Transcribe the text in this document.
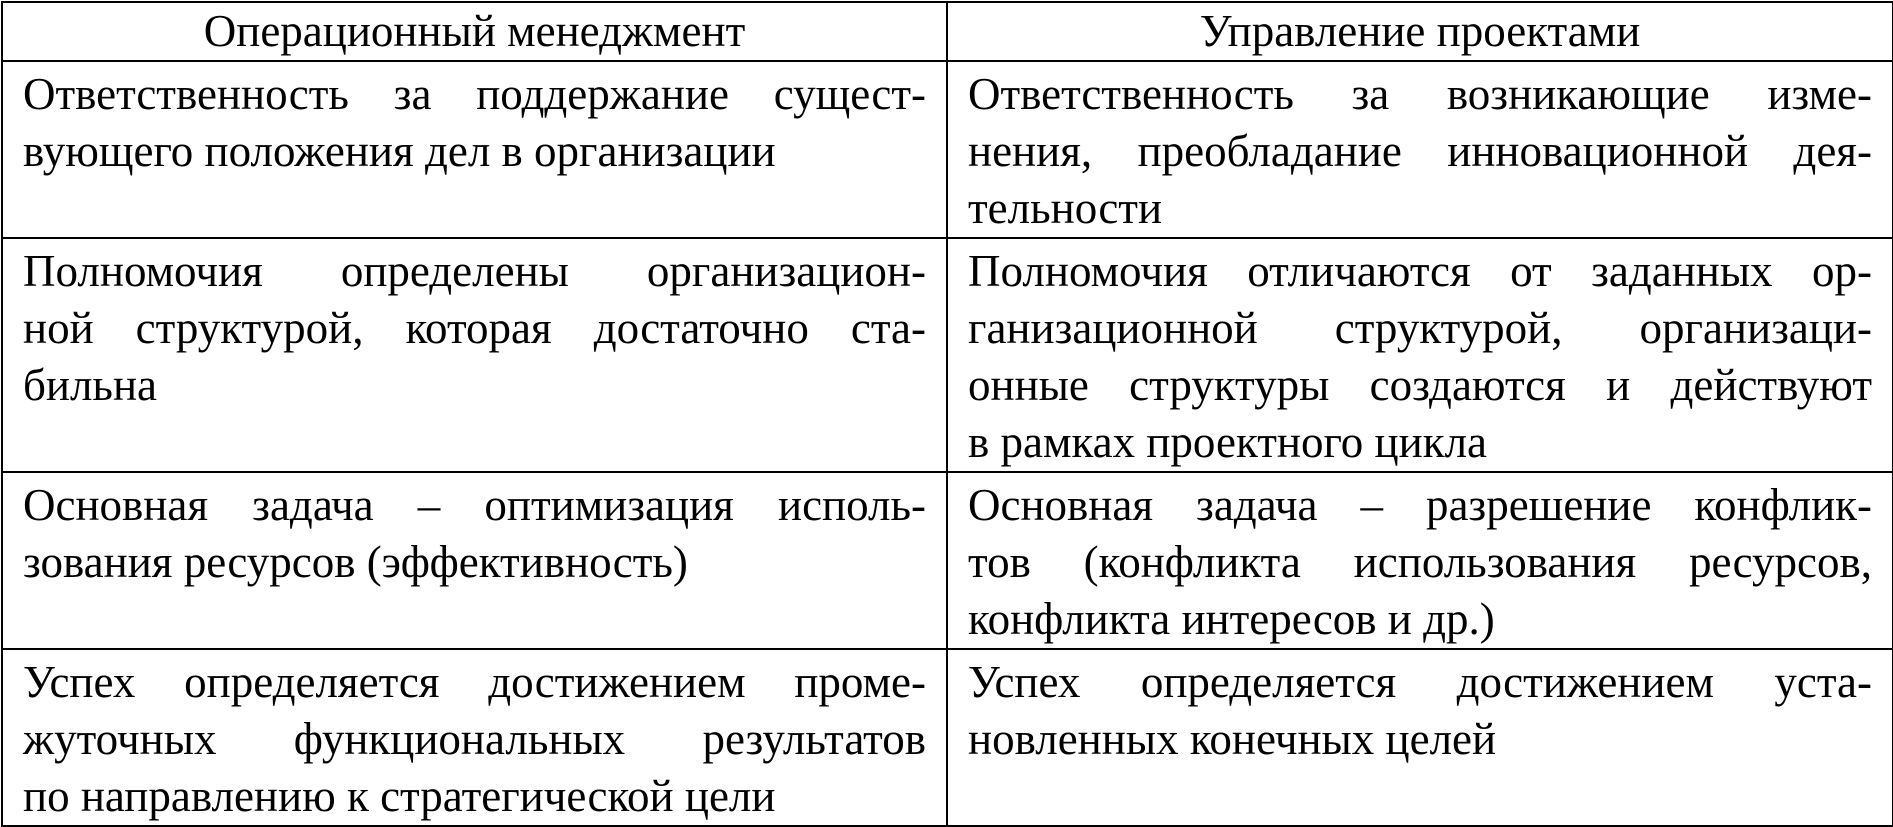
Операционный менеджмент	Управление проектами

Ответственность за поддержание сущест-
вующего положения дел в организации	Ответственность за возникающие изме-
нения, преобладание инновационной дея-
тельности

Полномочия определены организацион-
ной структурой, которая достаточно ста-
бильна	Полномочия отличаются от заданных ор-
ганизационной структурой, организаци-
онные структуры создаются и действуют
в рамках проектного цикла

Основная задача – оптимизация исполь-
зования ресурсов (эффективность)	Основная задача – разрешение конфлик-
тов (конфликта использования ресурсов,
конфликта интересов и др.)

Успех определяется достижением проме-
жуточных функциональных результатов
по направлению к стратегической цели	Успех определяется достижением уста-
новленных конечных целей
